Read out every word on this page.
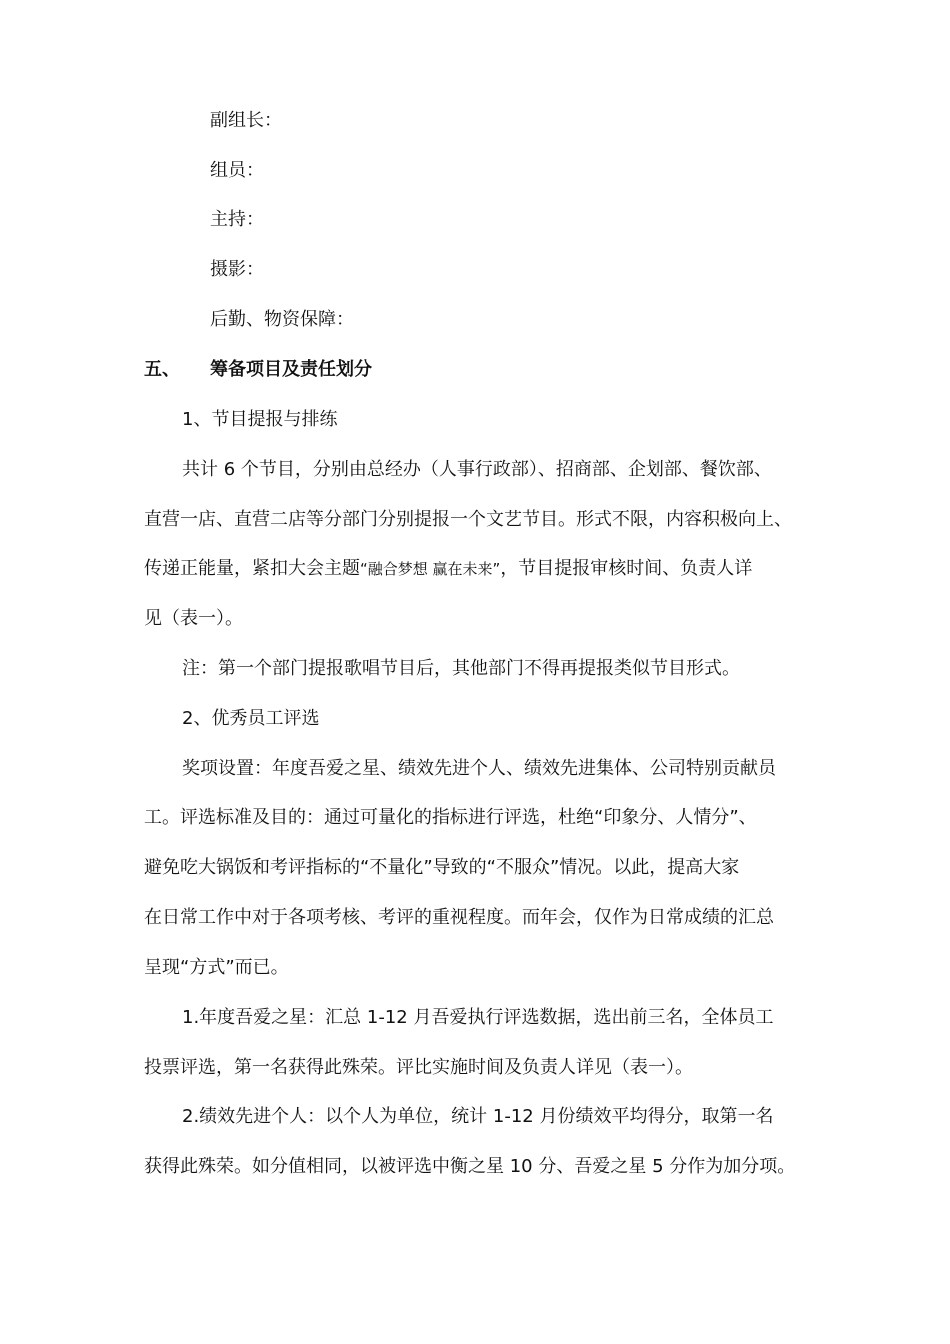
副组长：
组员：
主持：
摄影：
后勤、物资保障：
五、 筹备项目及责任划分
1、节目提报与排练
共计 6 个节目，分别由总经办（人事行政部）、招商部、企划部、餐饮部、
直营一店、直营二店等分部门分别提报一个文艺节目。形式不限，内容积极向上、
传递正能量，紧扣大会主题“融合梦想 赢在未来”，节目提报审核时间、负责人详
见（表一）。
注：第一个部门提报歌唱节目后，其他部门不得再提报类似节目形式。
2、优秀员工评选
奖项设置：年度吾爱之星、绩效先进个人、绩效先进集体、公司特别贡献员
工。评选标准及目的：通过可量化的指标进行评选，杜绝“印象分、人情分”、
避免吃大锅饭和考评指标的“不量化”导致的“不服众”情况。以此，提高大家
在日常工作中对于各项考核、考评的重视程度。而年会，仅作为日常成绩的汇总
呈现“方式”而已。
1.年度吾爱之星：汇总 1-12 月吾爱执行评选数据，选出前三名，全体员工
投票评选，第一名获得此殊荣。评比实施时间及负责人详见（表一）。
2.绩效先进个人：以个人为单位，统计 1-12 月份绩效平均得分，取第一名
获得此殊荣。如分值相同，以被评选中衡之星 10 分、吾爱之星 5 分作为加分项。
